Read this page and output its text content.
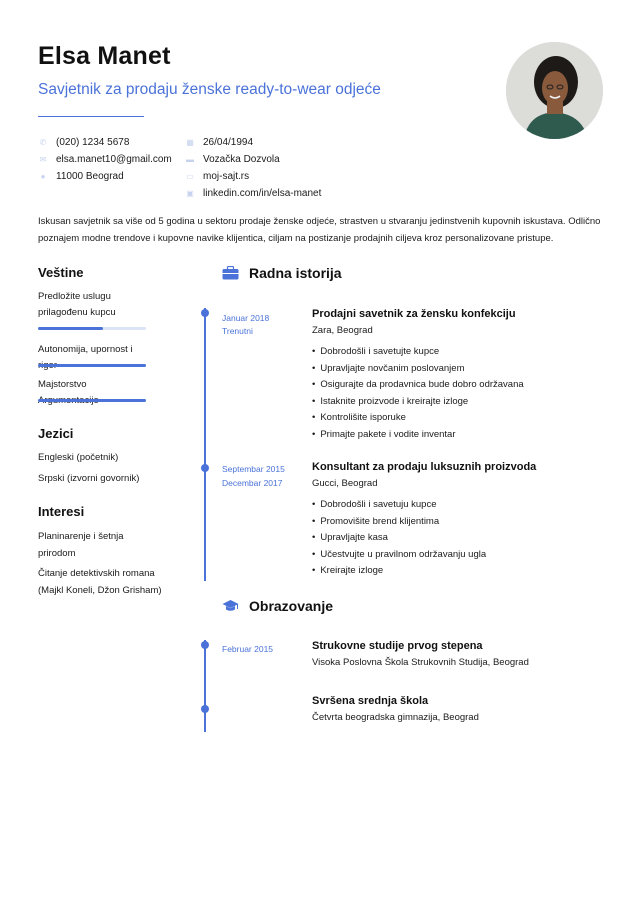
Elsa Manet
Savjetnik za prodaju ženske ready-to-wear odjeće
✆ (020) 1234 5678
✉ elsa.manet10@gmail.com
● 11000 Beograd
▦ 26/04/1994
▬ Vozačka Dozvola
▭ moj-sajt.rs
▣ linkedin.com/in/elsa-manet
Iskusan savjetnik sa više od 5 godina u sektoru prodaje ženske odjeće, strastven u stvaranju jedinstvenih kupovnih iskustava. Odlično poznajem modne trendove i kupovne navike klijentica, ciljam na postizanje prodajnih ciljeva kroz personalizovane pristupe.
Veštine
Predložite uslugu prilagođenu kupcu
Autonomija, upornost i
Majstorstvo
Jezici
Engleski (početnik)
Srpski (izvorni govornik)
Interesi
Planinarenje i šetnja prirodom
Čitanje detektivskih romana (Majkl Koneli, Džon Grisham)
Radna istorija
Januar 2018
Trenutni
Prodajni savetnik za žensku konfekciju
Zara, Beograd
• Dobrodošli i savetujte kupce
• Upravljajte novčanim poslovanjem
• Osigurajte da prodavnica bude dobro održavana
• Istaknite proizvode i kreirajte izloge
• Kontrolišite isporuke
• Primajte pakete i vodite inventar
Septembar 2015
Decembar 2017
Konsultant za prodaju luksuznih proizvoda
Gucci, Beograd
• Dobrodošli i savetuju kupce
• Promovišite brend klijentima
• Upravljajte kasa
• Učestvujte u pravilnom održavanju ugla
• Kreirajte izloge
Obrazovanje
Februar 2015	Strukovne studije prvog stepena
Visoka Poslovna Škola Strukovnih Studija, Beograd
Svršena srednja škola
Četvrta beogradska gimnazija, Beograd
